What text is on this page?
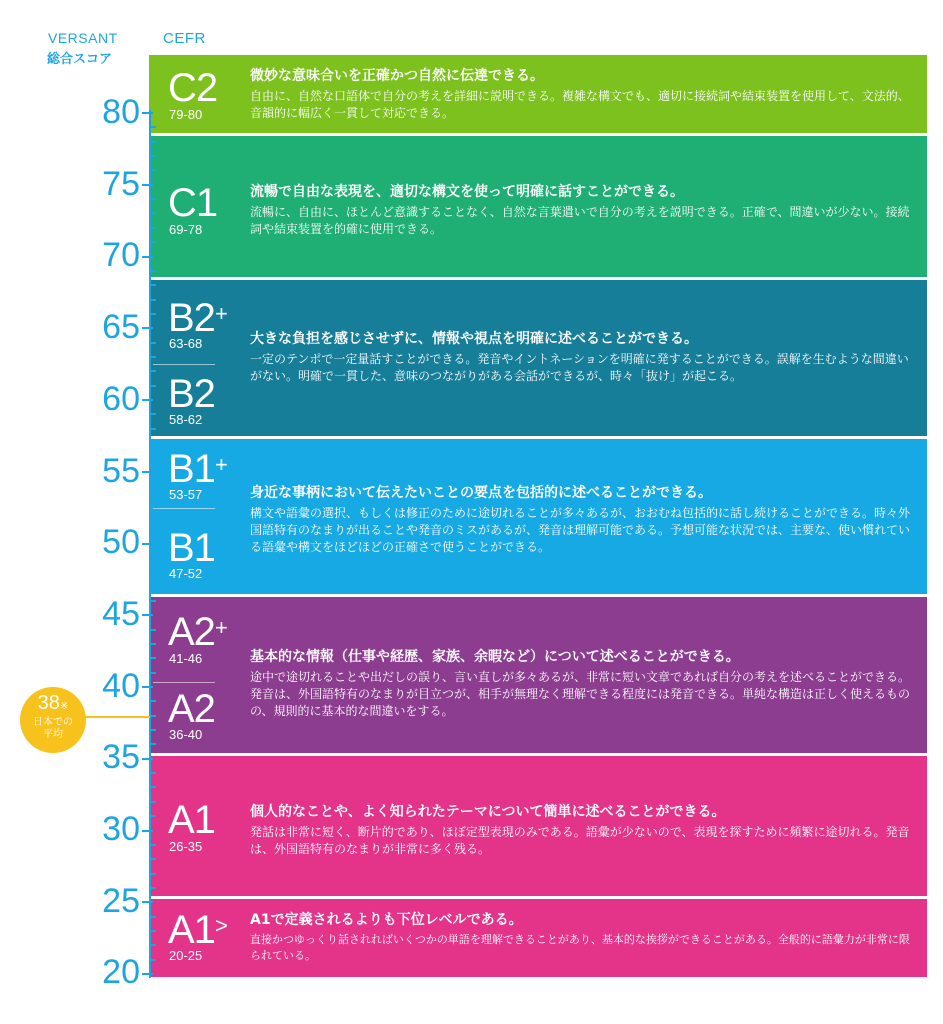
VERSANT
総合スコア
CEFR
80
75
70
65
60
55
50
45
40
35
30
25
20
C2
79-80
C1
69-78
B2+
63-68
B2
58-62
B1+
53-57
B1
47-52
A2+
41-46
A2
36-40
A1
26-35
A1>
20-25
微妙な意味合いを正確かつ自然に伝達できる。
自由に、自然な口語体で自分の考えを詳細に説明できる。複雑な構文でも、適切に接続詞や結束装置を使用して、文法的、音韻的に幅広く一貫して対応できる。
流暢で自由な表現を、適切な構文を使って明確に話すことができる。
流暢に、自由に、ほとんど意識することなく、自然な言葉遣いで自分の考えを説明できる。正確で、間違いが少ない。接続詞や結束装置を的確に使用できる。
大きな負担を感じさせずに、情報や視点を明確に述べることができる。
一定のテンポで一定量話すことができる。発音やイントネーションを明確に発することができる。誤解を生むような間違いがない。明確で一貫した、意味のつながりがある会話ができるが、時々「抜け」が起こる。
身近な事柄において伝えたいことの要点を包括的に述べることができる。
構文や語彙の選択、もしくは修正のために途切れることが多々あるが、おおむね包括的に話し続けることができる。時々外国語特有のなまりが出ることや発音のミスがあるが、発音は理解可能である。予想可能な状況では、主要な、使い慣れている語彙や構文をほどほどの正確さで使うことができる。
基本的な情報（仕事や経歴、家族、余暇など）について述べることができる。
途中で途切れることや出だしの誤り、言い直しが多々あるが、非常に短い文章であれば自分の考えを述べることができる。発音は、外国語特有のなまりが目立つが、相手が無理なく理解できる程度には発音できる。単純な構造は正しく使えるものの、規則的に基本的な間違いをする。
個人的なことや、よく知られたテーマについて簡単に述べることができる。
発話は非常に短く、断片的であり、ほぼ定型表現のみである。語彙が少ないので、表現を探すために頻繁に途切れる。発音は、外国語特有のなまりが非常に多く残る。
A1で定義されるよりも下位レベルである。
直接かつゆっくり話されればいくつかの単語を理解できることがあり、基本的な挨拶ができることがある。全般的に語彙力が非常に限られている。
38※
日本での
平均
